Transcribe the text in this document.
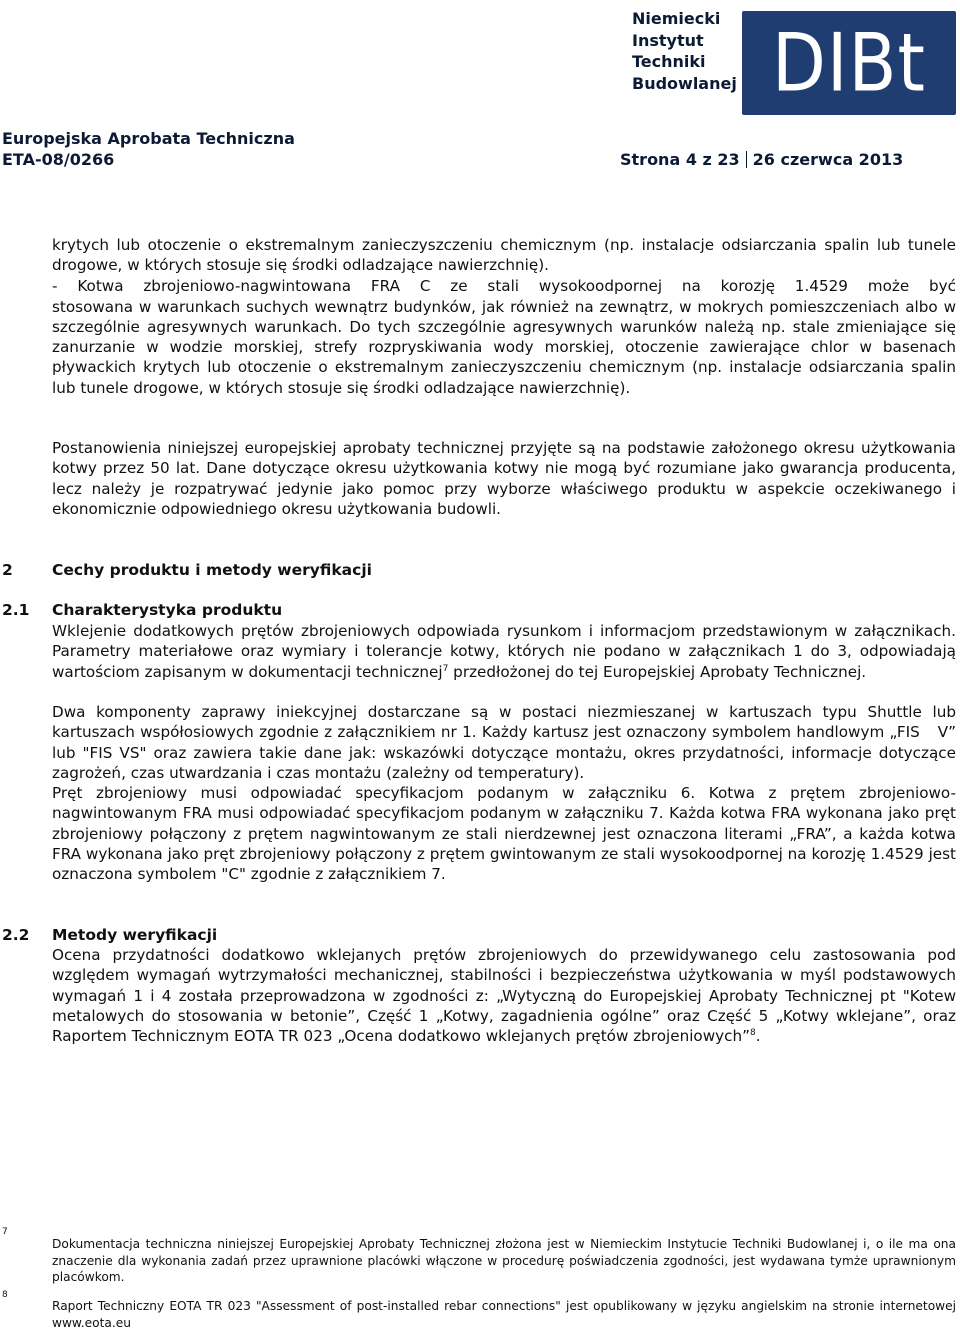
Niemiecki
Instytut
Techniki
Budowlanej DIBt
Europejska Aprobata Techniczna
ETA-08/0266	Strona 4 z 23 26 czerwca 2013

krytych lub otoczenie o ekstremalnym zanieczyszczeniu chemicznym (np. instalacje odsiarczania spalin lub tunele drogowe, w których stosuje się środki odladzające nawierzchnię).

- Kotwa zbrojeniowo-nagwintowana FRA C ze stali wysokoodpornej na korozję 1.4529 może być

stosowana w warunkach suchych wewnątrz budynków, jak również na zewnątrz, w mokrych pomieszczeniach albo w szczególnie agresywnych warunkach. Do tych szczególnie agresywnych warunków należą np. stale zmieniające się zanurzanie w wodzie morskiej, strefy rozpryskiwania wody morskiej, otoczenie zawierające chlor w basenach pływackich krytych lub otoczenie o ekstremalnym zanieczyszczeniu chemicznym (np. instalacje odsiarczania spalin lub tunele drogowe, w których stosuje się środki odladzające nawierzchnię).

Postanowienia niniejszej europejskiej aprobaty technicznej przyjęte są na podstawie założonego okresu użytkowania kotwy przez 50 lat. Dane dotyczące okresu użytkowania kotwy nie mogą być rozumiane jako gwarancja producenta, lecz należy je rozpatrywać jedynie jako pomoc przy wyborze właściwego produktu w aspekcie oczekiwanego i ekonomicznie odpowiedniego okresu użytkowania budowli.

2	Cechy produktu i metody weryfikacji
2.1 Charakterystyka produktu

Wklejenie dodatkowych prętów zbrojeniowych odpowiada rysunkom i informacjom przedstawionym w załącznikach. Parametry materiałowe oraz wymiary i tolerancje kotwy, których nie podano w załącznikach 1 do 3, odpowiadają wartościom zapisanym w dokumentacji technicznej$^7$ przedłożonej do tej Europejskiej Aprobaty Technicznej.

Dwa komponenty zaprawy iniekcyjnej dostarczane są w postaci niezmieszanej w kartuszach typu Shuttle lub kartuszach współosiowych zgodnie z załącznikiem nr 1. Każdy kartusz jest oznaczony symbolem handlowym „FIS V” lub "FIS VS" oraz zawiera takie dane jak: wskazówki dotyczące montażu, okres przydatności, informacje dotyczące zagrożeń, czas utwardzania i czas montażu (zależny od temperatury).

Pręt zbrojeniowy musi odpowiadać specyfikacjom podanym w załączniku 6. Kotwa z prętem zbrojeniowo-nagwintowanym FRA musi odpowiadać specyfikacjom podanym w załączniku 7. Każda kotwa FRA wykonana jako pręt zbrojeniowy połączony z prętem nagwintowanym ze stali nierdzewnej jest oznaczona literami „FRA”, a każda kotwa FRA wykonana jako pręt zbrojeniowy połączony z prętem gwintowanym ze stali wysokoodpornej na korozję 1.4529 jest oznaczona symbolem "C" zgodnie z załącznikiem 7.

2.2 Metody weryfikacji

Ocena przydatności dodatkowo wklejanych prętów zbrojeniowych do przewidywanego celu zastosowania pod względem wymagań wytrzymałości mechanicznej, stabilności i bezpieczeństwa użytkowania w myśl podstawowych wymagań 1 i 4 została przeprowadzona w zgodności z: „Wytyczną do Europejskiej Aprobaty Technicznej pt "Kotew metalowych do stosowania w betonie”, Część 1 „Kotwy, zagadnienia ogólne” oraz Część 5 „Kotwy wklejane”, oraz Raportem Technicznym EOTA TR 023 „Ocena dodatkowo wklejanych prętów zbrojeniowych”$^8$.

7

Dokumentacja techniczna niniejszej Europejskiej Aprobaty Technicznej złożona jest w Niemieckim Instytucie Techniki Budowlanej i, o ile ma ona znaczenie dla wykonania zadań przez uprawnione placówki włączone w procedurę poświadczenia zgodności, jest wydawana tymże uprawnionym placówkom.

8

Raport Techniczny EOTA TR 023 "Assessment of post-installed rebar connections" jest opublikowany w języku angielskim na stronie internetowej www.eota.eu
